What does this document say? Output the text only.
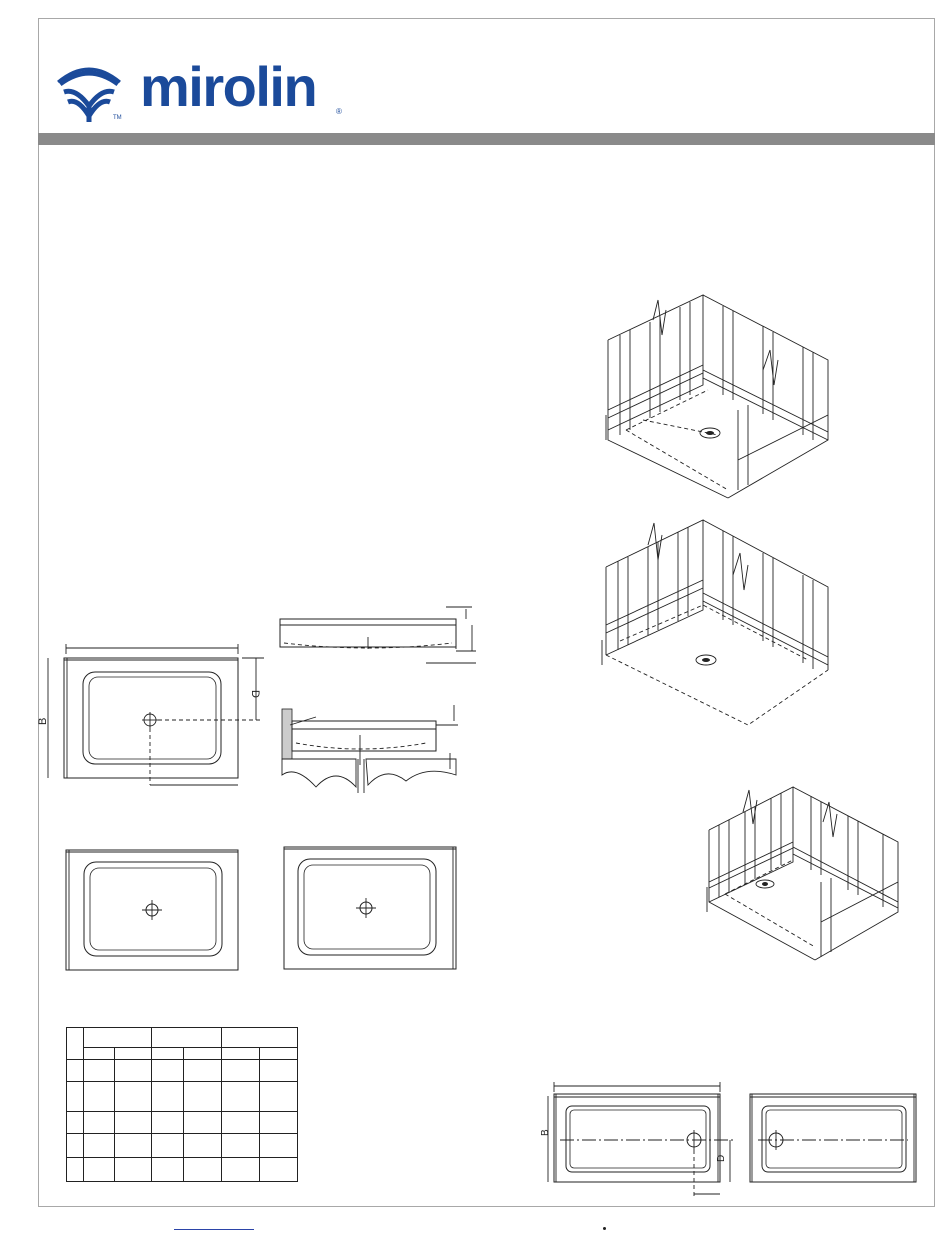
TM mirolin ®
B
D

B
D
